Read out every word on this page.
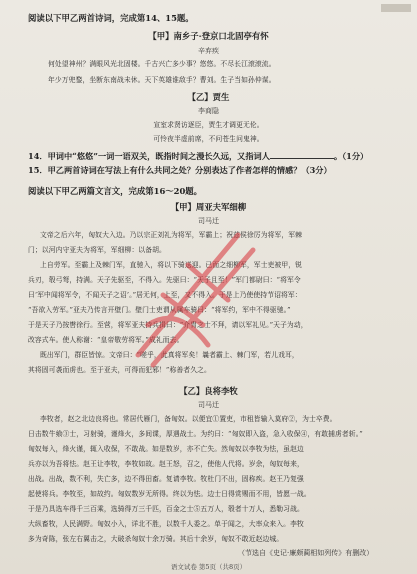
阅读以下甲乙两首诗词，完成第14、15题。
【甲】南乡子·登京口北固亭有怀
辛弃疾
何处望神州？满眼风光北固楼。千古兴亡多少事？悠悠。不尽长江滚滚流。
年少万兜鍪，坐断东南战未休。天下英雄谁敌手？曹刘。生子当如孙仲谋。
【乙】贾生
李商隐
宣室求贤访逐臣，贾生才调更无伦。
可怜夜半虚前席，不问苍生问鬼神。
14．甲词中“悠悠”一词一语双关，既指时间之漫长久远，又指词人	。（1分）
15．甲乙两首诗词在写法上有什么共同之处？分别表达了作者怎样的情感？（3分）
阅读以下甲乙两篇文言文，完成第16～20题。
【甲】周亚夫军细柳
司马迁
文帝之后六年，匈奴大入边。乃以宗正刘礼为将军，军霸上；祝兹侯徐厉为将军，军棘
门；以河内守亚夫为将军，军细柳：以备胡。
上自劳军。至霸上及棘门军，直驰入，将以下骑送迎。已而之细柳军，军士吏被甲，锐
兵刃，彀弓弩，持满。天子先驱至，不得入。先驱曰：“天子且至！”军门都尉曰：“将军令
曰‘军中闻将军令，不闻天子之诏’。”居无何，上至，又不得入。于是上乃使使持节诏将军：
“吾欲入劳军。”亚夫乃传言开壁门。壁门士吏谓从属车骑曰：“将军约，军中不得驱驰。”
于是天子乃按辔徐行。至营，将军亚夫持兵揖曰：“介胄之士不拜，请以军礼见。”天子为动，
改容式车。使人称谢：“皇帝敬劳将军。”成礼而去。
既出军门，群臣皆惊。文帝曰：“嗟乎，此真将军矣！曩者霸上、棘门军，若儿戏耳，
其将固可袭而虏也。至于亚夫，可得而犯邪！”称善者久之。
【乙】良将李牧
司马迁
李牧者，赵之北边良将也。常居代雁门，备匈奴。以便宜①置吏，市租皆输入莫府②，为士卒费。
日击数牛飨③士，习射骑，谨烽火，多间谍，厚遇战士。为约曰：“匈奴即入盗，急入收保④，有敢捕虏者斩。”
匈奴每入，烽火谨，辄入收保，不敢战。如是数岁，亦不亡失。然匈奴以李牧为怯，虽赵边
兵亦以为吾将怯。赵王让李牧，李牧如故。赵王怒，召之，使他人代将。岁余，匈奴每来，
出战。出战，数不利，失亡多，边不得田畜。复请李牧。牧杜门不出，固称疾。赵王乃复强
起使将兵。李牧至，如故约。匈奴数岁无所得。终以为怯。边士日得赏赐而不用，皆愿一战。
于是乃具选车得千三百乘，选骑得万三千匹，百金之士⑤五万人，彀者十万人，悉勒习战。
大纵畜牧，人民满野。匈奴小入，详北不胜，以数千人委之。单于闻之，大率众来入。李牧
多为奇陈，张左右翼击之，大破杀匈奴十余万骑。其后十余岁，匈奴不敢近赵边城。
（节选自《史记·廉颇蔺相如列传》有删改）
语文试卷 第5页（共8页）
